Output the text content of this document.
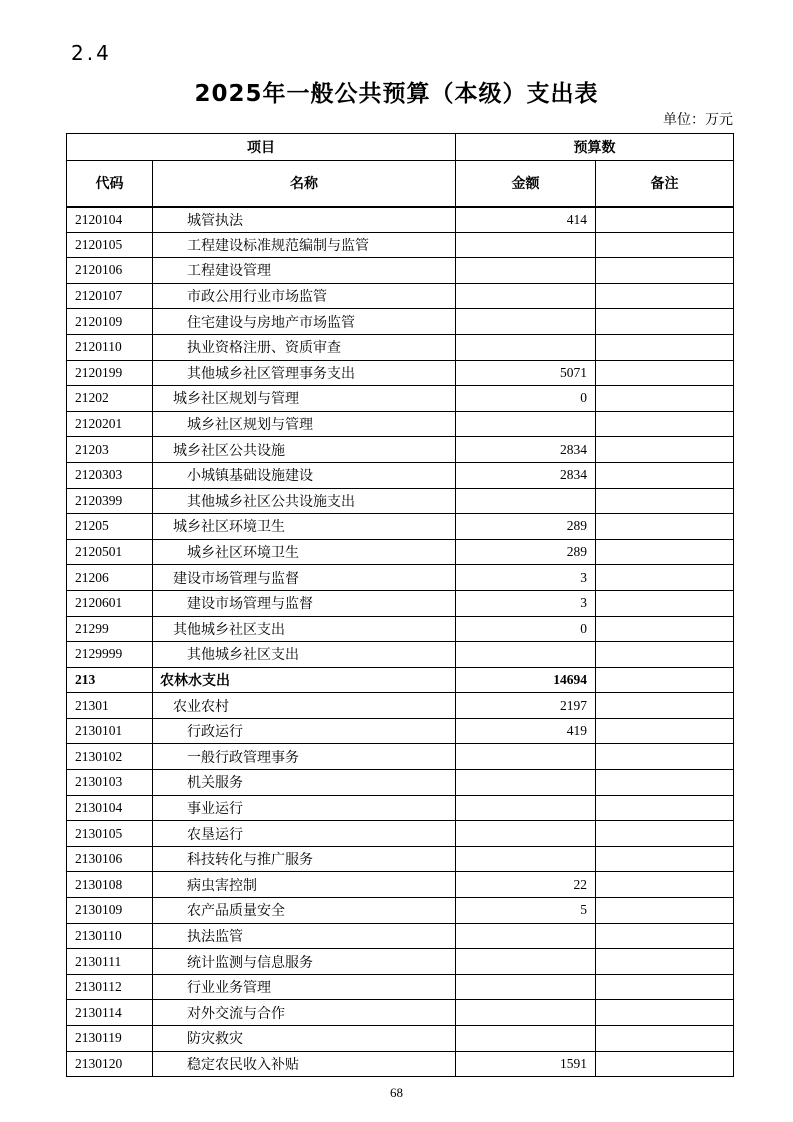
2.4
2025年一般公共预算（本级）支出表
单位：万元
项目		预算数	
代码	名称	金额	备注
2120104	城管执法	414	
2120105	工程建设标准规范编制与监管		
2120106	工程建设管理		
2120107	市政公用行业市场监管		
2120109	住宅建设与房地产市场监管		
2120110	执业资格注册、资质审查		
2120199	其他城乡社区管理事务支出	5071	
21202	城乡社区规划与管理	0	
2120201	城乡社区规划与管理		
21203	城乡社区公共设施	2834	
2120303	小城镇基础设施建设	2834	
2120399	其他城乡社区公共设施支出		
21205	城乡社区环境卫生	289	
2120501	城乡社区环境卫生	289	
21206	建设市场管理与监督	3	
2120601	建设市场管理与监督	3	
21299	其他城乡社区支出	0	
2129999	其他城乡社区支出		
213	农林水支出	14694	
21301	农业农村	2197	
2130101	行政运行	419	
2130102	一般行政管理事务		
2130103	机关服务		
2130104	事业运行		
2130105	农垦运行		
2130106	科技转化与推广服务		
2130108	病虫害控制	22	
2130109	农产品质量安全	5	
2130110	执法监管		
2130111	统计监测与信息服务		
2130112	行业业务管理		
2130114	对外交流与合作		
2130119	防灾救灾		
2130120	稳定农民收入补贴	1591	
68
